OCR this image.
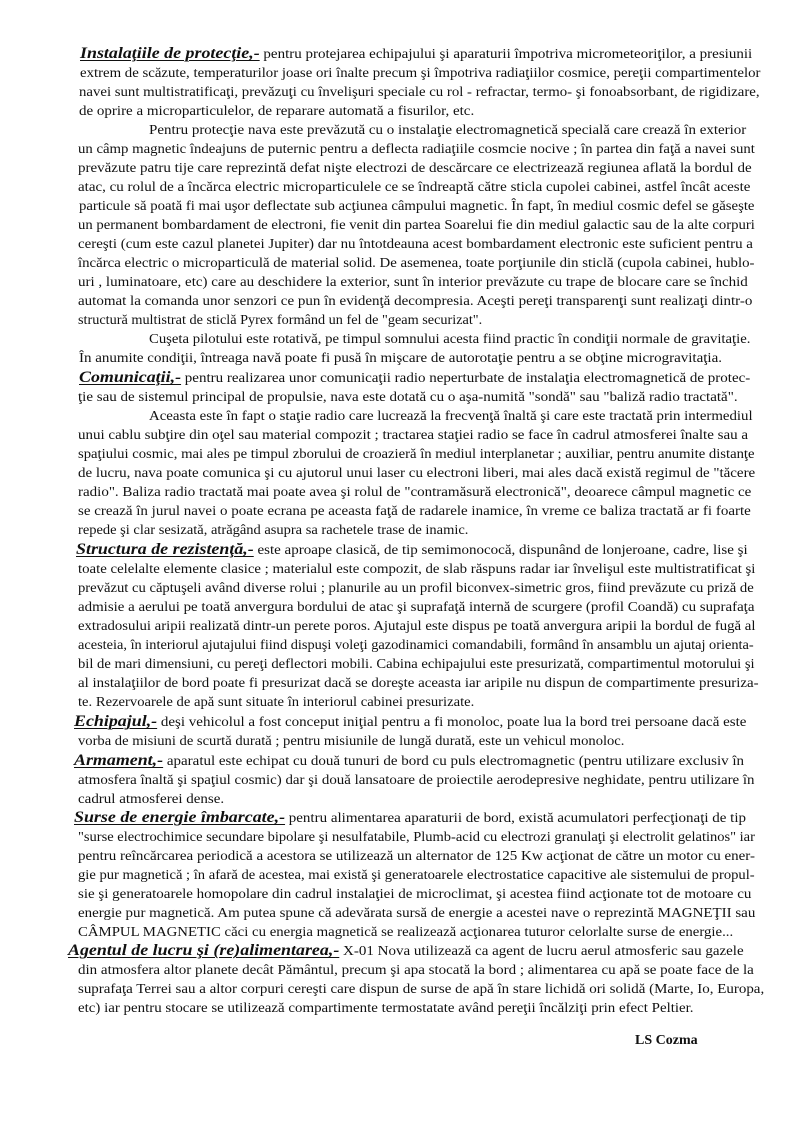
Instalaţiile de protecţie,- pentru protejarea echipajului şi aparaturii împotriva micrometeoriţilor, a presiunii
extrem de scăzute, temperaturilor joase ori înalte precum şi împotriva radiaţiilor cosmice, pereţii compartimentelor
navei sunt multistratificaţi, prevăzuţi cu învelişuri speciale cu rol - refractar, termo- şi fonoabsorbant, de rigidizare,
de oprire a microparticulelor, de reparare automată a fisurilor, etc.
Pentru protecţie nava este prevăzută cu o instalaţie electromagnetică specială care crează în exterior
un câmp magnetic îndeajuns de puternic pentru a deflecta radiaţiile cosmcie nocive ; în partea din faţă a navei sunt
prevăzute patru tije care reprezintă defat nişte electrozi de descărcare ce electrizează regiunea aflată la bordul de
atac, cu rolul de a încărca electric microparticulele ce se îndreaptă către sticla cupolei cabinei, astfel încât aceste
particule să poată fi mai uşor deflectate sub acţiunea câmpului magnetic. În fapt, în mediul cosmic defel se găseşte
un permanent bombardament de electroni, fie venit din partea Soarelui fie din mediul galactic sau de la alte corpuri
cereşti (cum este cazul planetei Jupiter) dar nu întotdeauna acest bombardament electronic este suficient pentru a
încărca electric o microparticulă de material solid. De asemenea, toate porţiunile din sticlă (cupola cabinei, hublo-
uri , luminatoare, etc) care au deschidere la exterior, sunt în interior prevăzute cu trape de blocare care se închid
automat la comanda unor senzori ce pun în evidenţă decompresia. Aceşti pereţi transparenţi sunt realizaţi dintr-o
structură multistrat de sticlă Pyrex formând un fel de "geam securizat".
Cuşeta pilotului este rotativă, pe timpul somnului acesta fiind practic în condiţii normale de gravitaţie.
În anumite condiţii, întreaga navă poate fi pusă în mişcare de autorotaţie pentru a se obţine microgravitaţia.
Comunicaţii,- pentru realizarea unor comunicaţii radio neperturbate de instalaţia electromagnetică de protec-
ţie sau de sistemul principal de propulsie, nava este dotată cu o aşa-numită "sondă" sau "baliză radio tractată".
Aceasta este în fapt o staţie radio care lucrează la frecvenţă înaltă şi care este tractată prin intermediul
unui cablu subţire din oţel sau material compozit ; tractarea staţiei radio se face în cadrul atmosferei înalte sau a
spaţiului cosmic, mai ales pe timpul zborului de croazieră în mediul interplanetar ; auxiliar, pentru anumite distanţe
de lucru, nava poate comunica şi cu ajutorul unui laser cu electroni liberi, mai ales dacă există regimul de "tăcere
radio". Baliza radio tractată mai poate avea şi rolul de "contramăsură electronică", deoarece câmpul magnetic ce
se crează în jurul navei o poate ecrana pe aceasta faţă de radarele inamice, în vreme ce baliza tractată ar fi foarte
repede şi clar sesizată, atrăgând asupra sa rachetele trase de inamic.
Structura de rezistenţă,- este aproape clasică, de tip semimonococă, dispunând de lonjeroane, cadre, lise şi
toate celelalte elemente clasice ; materialul este compozit, de slab răspuns radar iar învelişul este multistratificat şi
prevăzut cu căptuşeli având diverse rolui ; planurile au un profil biconvex-simetric gros, fiind prevăzute cu priză de
admisie a aerului pe toată anvergura bordului de atac şi suprafaţă internă de scurgere (profil Coandă) cu suprafaţa
extradosului aripii realizată dintr-un perete poros. Ajutajul este dispus pe toată anvergura aripii la bordul de fugă al
acesteia, în interiorul ajutajului fiind dispuşi voleţi gazodinamici comandabili, formând în ansamblu un ajutaj orienta-
bil de mari dimensiuni, cu pereţi deflectori mobili. Cabina echipajului este presurizată, compartimentul motorului şi
al instalaţiilor de bord poate fi presurizat dacă se doreşte aceasta iar aripile nu dispun de compartimente presuriza-
te. Rezervoarele de apă sunt situate în interiorul cabinei presurizate.
Echipajul,- deşi vehicolul a fost conceput iniţial pentru a fi monoloc, poate lua la bord trei persoane dacă este
vorba de misiuni de scurtă durată ; pentru misiunile de lungă durată, este un vehicul monoloc.
Armament,- aparatul este echipat cu două tunuri de bord cu puls electromagnetic (pentru utilizare exclusiv în
atmosfera înaltă şi spaţiul cosmic) dar şi două lansatoare de proiectile aerodepresive neghidate, pentru utilizare în
cadrul atmosferei dense.
Surse de energie îmbarcate,- pentru alimentarea aparaturii de bord, există acumulatori perfecţionaţi de tip
"surse electrochimice secundare bipolare şi nesulfatabile, Plumb-acid cu electrozi granulaţi şi electrolit gelatinos" iar
pentru reîncărcarea periodică a acestora se utilizează un alternator de 125 Kw acţionat de către un motor cu ener-
gie pur magnetică ; în afară de acestea, mai există şi generatoarele electrostatice capacitive ale sistemului de propul-
sie şi generatoarele homopolare din cadrul instalaţiei de microclimat, şi acestea fiind acţionate tot de motoare cu
energie pur magnetică. Am putea spune că adevărata sursă de energie a acestei nave o reprezintă MAGNEŢII sau
CÂMPUL MAGNETIC căci cu energia magnetică se realizează acţionarea tuturor celorlalte surse de energie...
Agentul de lucru şi (re)alimentarea,- X-01 Nova utilizează ca agent de lucru aerul atmosferic sau gazele
din atmosfera altor planete decât Pământul, precum şi apa stocată la bord ; alimentarea cu apă se poate face de la
suprafaţa Terrei sau a altor corpuri cereşti care dispun de surse de apă în stare lichidă ori solidă (Marte, Io, Europa,
etc) iar pentru stocare se utilizează compartimente termostatate având pereţii încălziţi prin efect Peltier.
LS Cozma
